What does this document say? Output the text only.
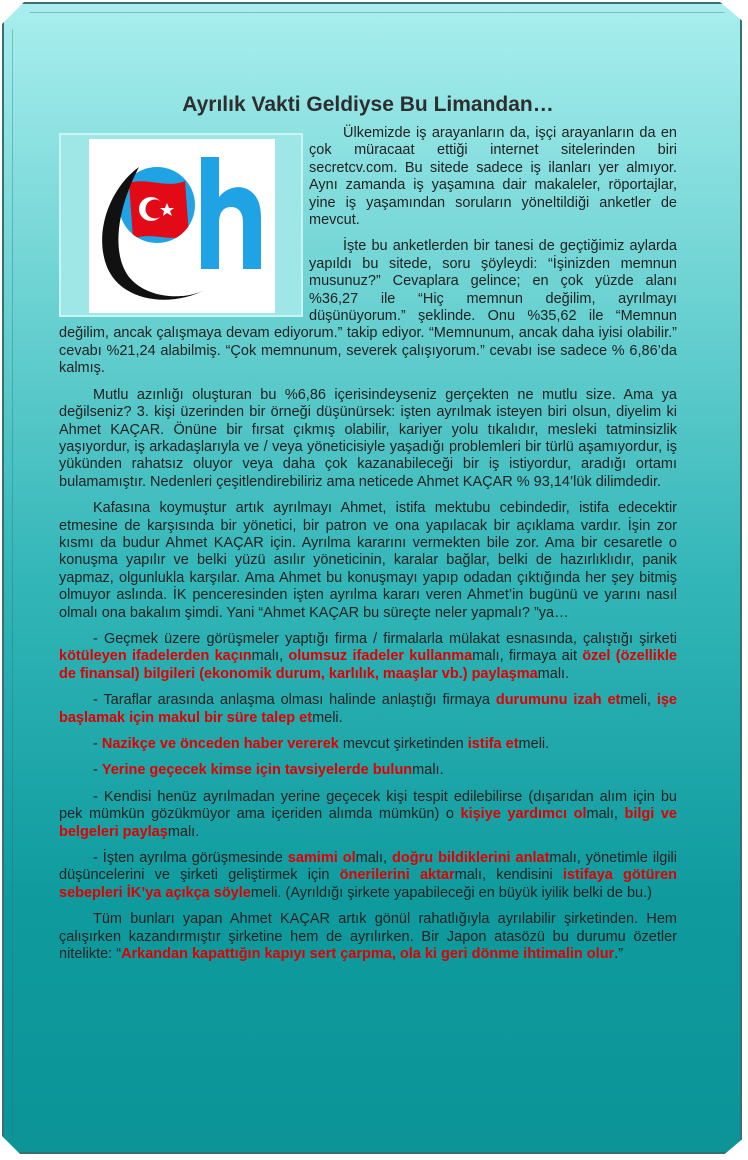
Ayrılık Vakti Geldiyse Bu Limandan…

Ülkemizde iş arayanların da, işçi arayanların da en çok müracaat ettiği internet sitelerinden biri secretcv.com. Bu sitede sadece iş ilanları yer almıyor. Aynı zamanda iş yaşamına dair makaleler, röportajlar, yine iş yaşamından soruların yöneltildiği anketler de mevcut.

İşte bu anketlerden bir tanesi de geçtiğimiz aylarda yapıldı bu sitede, soru şöyleydi: “İşinizden memnun musunuz?” Cevaplara gelince; en çok yüzde alanı %36,27 ile “Hiç memnun değilim, ayrılmayı düşünüyorum.” şeklinde. Onu %35,62 ile “Memnun değilim, ancak çalışmaya devam ediyorum.” takip ediyor. “Memnunum, ancak daha iyisi olabilir.” cevabı %21,24 alabilmiş. “Çok memnunum, severek çalışıyorum.” cevabı ise sadece % 6,86’da kalmış.

Mutlu azınlığı oluşturan bu %6,86 içerisindeyseniz gerçekten ne mutlu size. Ama ya değilseniz? 3. kişi üzerinden bir örneği düşünürsek: işten ayrılmak isteyen biri olsun, diyelim ki Ahmet KAÇAR. Önüne bir fırsat çıkmış olabilir, kariyer yolu tıkalıdır, mesleki tatminsizlik yaşıyordur, iş arkadaşlarıyla ve / veya yöneticisiyle yaşadığı problemleri bir türlü aşamıyordur, iş yükünden rahatsız oluyor veya daha çok kazanabileceği bir iş istiyordur, aradığı ortamı bulamamıştır. Nedenleri çeşitlendirebiliriz ama neticede Ahmet KAÇAR % 93,14’lük dilimdedir.

Kafasına koymuştur artık ayrılmayı Ahmet, istifa mektubu cebindedir, istifa edecektir etmesine de karşısında bir yönetici, bir patron ve ona yapılacak bir açıklama vardır. İşin zor kısmı da budur Ahmet KAÇAR için. Ayrılma kararını vermekten bile zor. Ama bir cesaretle o konuşma yapılır ve belki yüzü asılır yöneticinin, karalar bağlar, belki de hazırlıklıdır, panik yapmaz, olgunlukla karşılar. Ama Ahmet bu konuşmayı yapıp odadan çıktığında her şey bitmiş olmuyor aslında. İK penceresinden işten ayrılma kararı veren Ahmet’in bugünü ve yarını nasıl olmalı ona bakalım şimdi. Yani “Ahmet KAÇAR bu süreçte neler yapmalı? ”ya…

- Geçmek üzere görüşmeler yaptığı firma / firmalarla mülakat esnasında, çalıştığı şirketi kötüleyen ifadelerden kaçınmalı, olumsuz ifadeler kullanmamalı, firmaya ait özel (özellikle de finansal) bilgileri (ekonomik durum, karlılık, maaşlar vb.) paylaşmamalı.

- Taraflar arasında anlaşma olması halinde anlaştığı firmaya durumunu izah etmeli, işe başlamak için makul bir süre talep etmeli.

- Nazikçe ve önceden haber vererek mevcut şirketinden istifa etmeli.

- Yerine geçecek kimse için tavsiyelerde bulunmalı.

- Kendisi henüz ayrılmadan yerine geçecek kişi tespit edilebilirse (dışarıdan alım için bu pek mümkün gözükmüyor ama içeriden alımda mümkün) o kişiye yardımcı olmalı, bilgi ve belgeleri paylaşmalı.

- İşten ayrılma görüşmesinde samimi olmalı, doğru bildiklerini anlatmalı, yönetimle ilgili düşüncelerini ve şirketi geliştirmek için önerilerini aktarmalı, kendisini istifaya götüren sebepleri İK’ya açıkça söylemeli. (Ayrıldığı şirkete yapabileceği en büyük iyilik belki de bu.)

Tüm bunları yapan Ahmet KAÇAR artık gönül rahatlığıyla ayrılabilir şirketinden. Hem çalışırken kazandırmıştır şirketine hem de ayrılırken. Bir Japon atasözü bu durumu özetler nitelikte: “Arkandan kapattığın kapıyı sert çarpma, ola ki geri dönme ihtimalin olur.”
